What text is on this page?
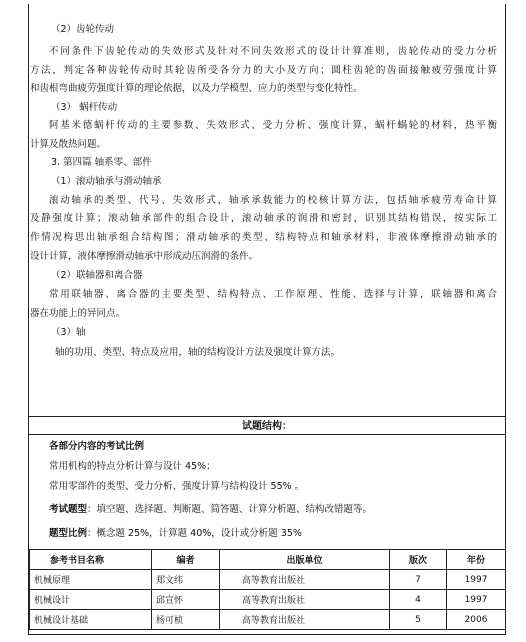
（2）齿轮传动
不同条件下齿轮传动的失效形式及针对不同失效形式的设计计算准则，齿轮传动的受力分析
方法，判定各种齿轮传动时其轮齿所受各分力的大小及方向；圆柱齿轮的齿面接触疲劳强度计算
和齿根弯曲疲劳强度计算的理论依据，以及力学模型、应力的类型与变化特性。
（3） 蜗杆传动
阿基米德蜗杆传动的主要参数、失效形式、受力分析、强度计算，蜗杆蜗轮的材料，热平衡
计算及散热问题。
3. 第四篇 轴系零、部件
（1）滚动轴承与滑动轴承
滚动轴承的类型、代号、失效形式，轴承承载能力的校核计算方法，包括轴承疲劳寿命计算
及静强度计算；滚动轴承部件的组合设计，滚动轴承的润滑和密封，识别其结构错误，按实际工
作情况构思出轴承组合结构图；滑动轴承的类型、结构特点和轴承材料，非液体摩擦滑动轴承的
设计计算，液体摩擦滑动轴承中形成动压润滑的条件。
（2）联轴器和离合器
常用联轴器、离合器的主要类型、结构特点、工作原理、性能、选择与计算，联轴器和离合
器在功能上的异同点。
（3）轴
轴的功用、类型、特点及应用，轴的结构设计方法及强度计算方法。
试题结构：
各部分内容的考试比例
常用机构的特点分析计算与设计 45%；
常用零部件的类型、受力分析、强度计算与结构设计 55% 。
考试题型：填空题、选择题、判断题、简答题、计算分析题、结构改错题等。
题型比例：概念题 25%，计算题 40%，设计或分析题 35%
参考书目名称	编者	出版单位	版次	年份
机械原理	郑文纬	高等教育出版社	7	1997
机械设计	邱宣怀	高等教育出版社	4	1997
机械设计基础	杨可桢	高等教育出版社	5	2006
